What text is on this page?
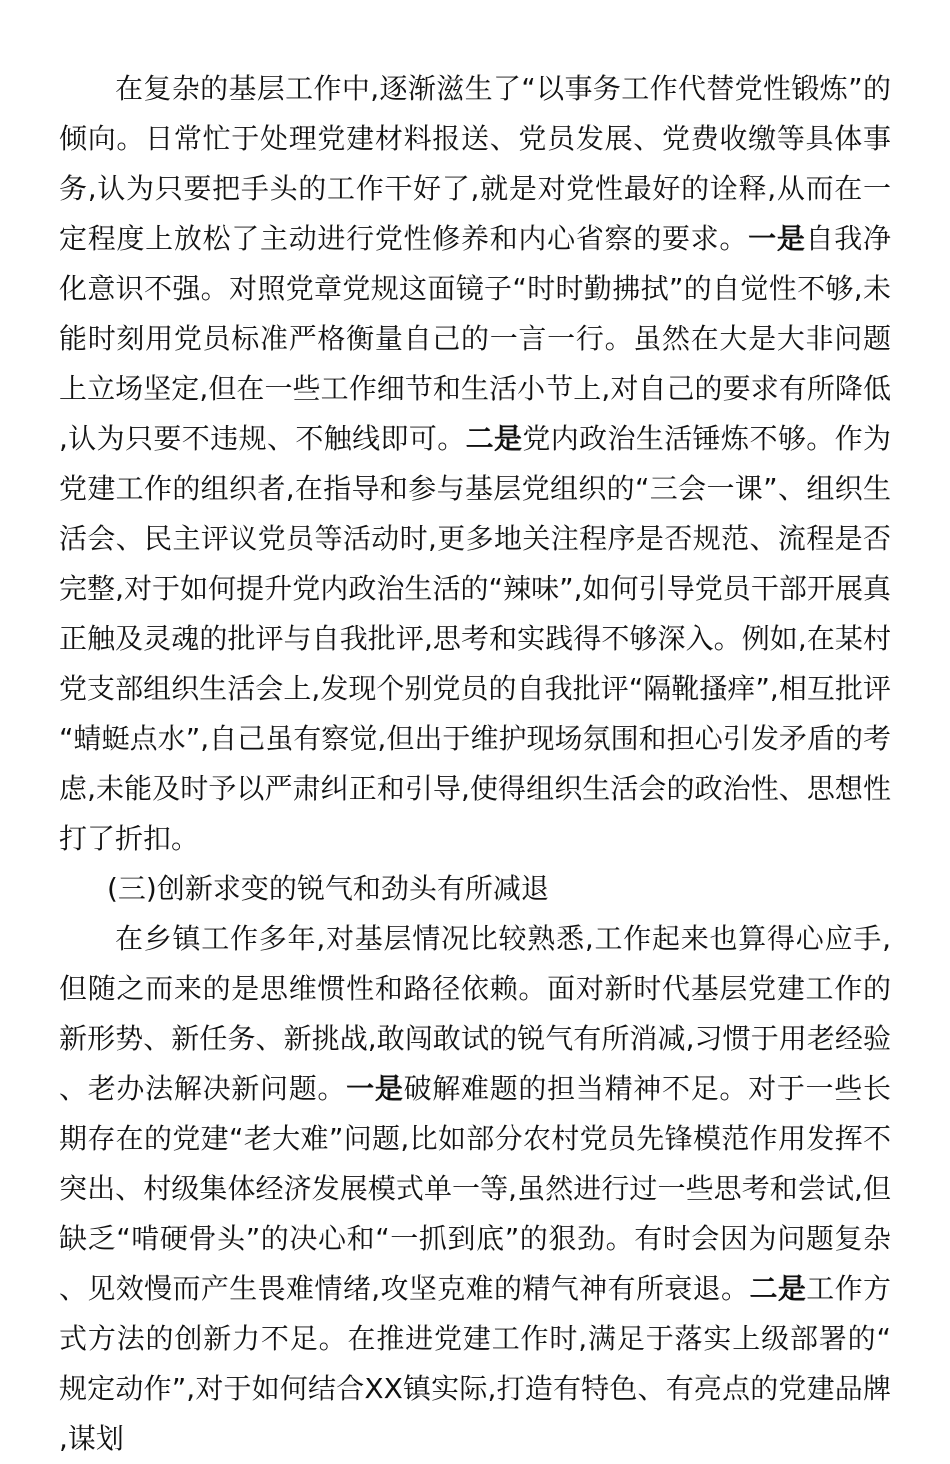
在复杂的基层工作中,逐渐滋生了“以事务工作代替党性锻炼”的倾向。日常忙于处理党建材料报送、党员发展、党费收缴等具体事务,认为只要把手头的工作干好了,就是对党性最好的诠释,从而在一定程度上放松了主动进行党性修养和内心省察的要求。一是自我净化意识不强。对照党章党规这面镜子“时时勤拂拭”的自觉性不够,未能时刻用党员标准严格衡量自己的一言一行。虽然在大是大非问题上立场坚定,但在一些工作细节和生活小节上,对自己的要求有所降低,认为只要不违规、不触线即可。二是党内政治生活锤炼不够。作为党建工作的组织者,在指导和参与基层党组织的“三会一课”、组织生活会、民主评议党员等活动时,更多地关注程序是否规范、流程是否完整,对于如何提升党内政治生活的“辣味”,如何引导党员干部开展真正触及灵魂的批评与自我批评,思考和实践得不够深入。例如,在某村党支部组织生活会上,发现个别党员的自我批评“隔靴搔痒”,相互批评“蜻蜓点水”,自己虽有察觉,但出于维护现场氛围和担心引发矛盾的考虑,未能及时予以严肃纠正和引导,使得组织生活会的政治性、思想性打了折扣。

(三)创新求变的锐气和劲头有所减退

在乡镇工作多年,对基层情况比较熟悉,工作起来也算得心应手,但随之而来的是思维惯性和路径依赖。面对新时代基层党建工作的新形势、新任务、新挑战,敢闯敢试的锐气有所消减,习惯于用老经验、老办法解决新问题。一是破解难题的担当精神不足。对于一些长期存在的党建“老大难”问题,比如部分农村党员先锋模范作用发挥不突出、村级集体经济发展模式单一等,虽然进行过一些思考和尝试,但缺乏“啃硬骨头”的决心和“一抓到底”的狠劲。有时会因为问题复杂、见效慢而产生畏难情绪,攻坚克难的精气神有所衰退。二是工作方式方法的创新力不足。在推进党建工作时,满足于落实上级部署的“规定动作”,对于如何结合XX镇实际,打造有特色、有亮点的党建品牌,谋划
